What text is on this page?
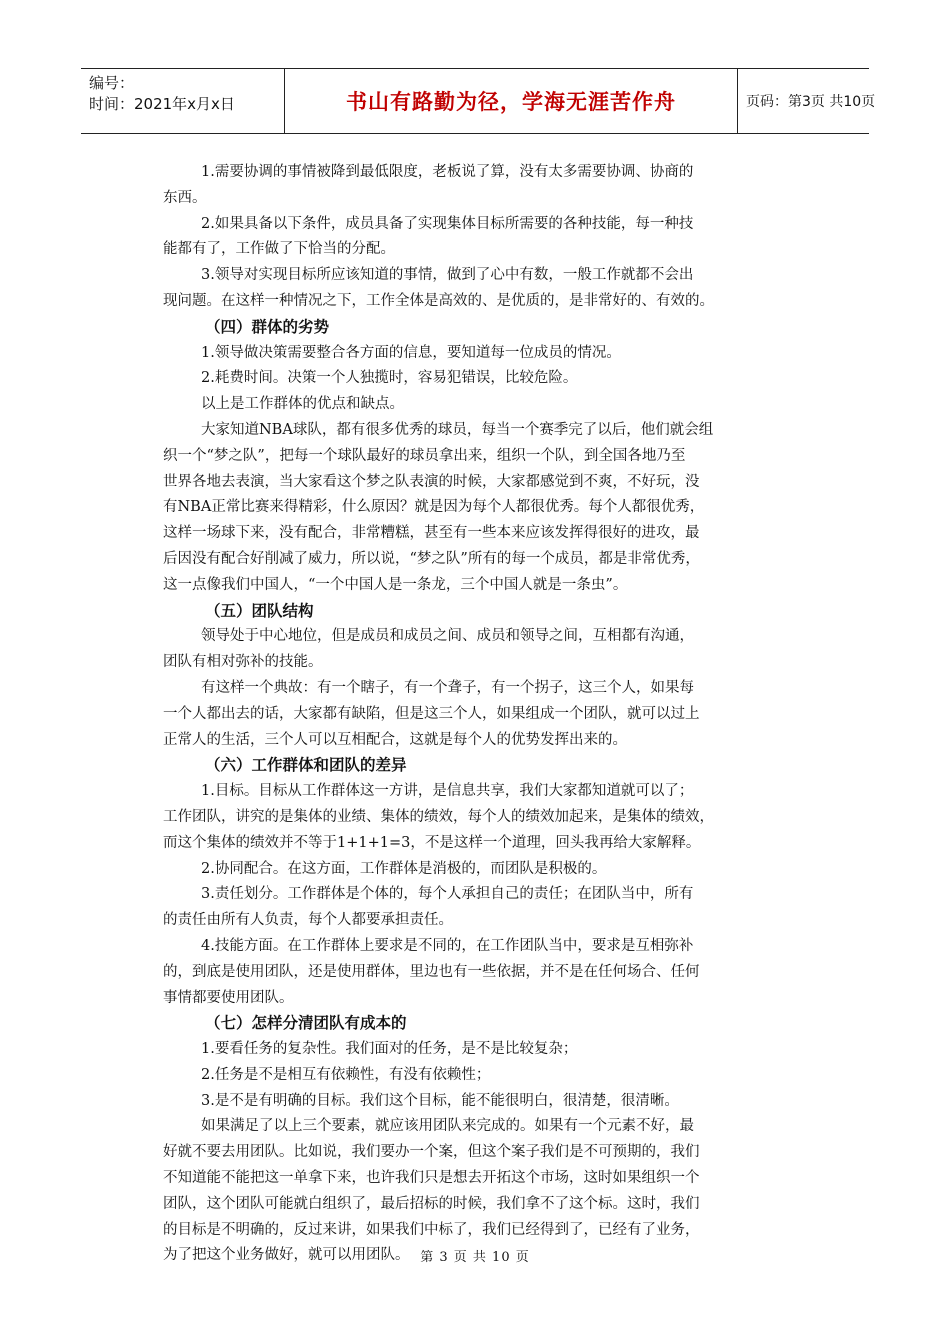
编号：
时间：2021年x月x日	书山有路勤为径，学海无涯苦作舟	页码：第3页 共10页
1.需要协调的事情被降到最低限度，老板说了算，没有太多需要协调、协商的
东西。
2.如果具备以下条件，成员具备了实现集体目标所需要的各种技能，每一种技
能都有了，工作做了下恰当的分配。
3.领导对实现目标所应该知道的事情，做到了心中有数，一般工作就都不会出
现问题。在这样一种情况之下，工作全体是高效的、是优质的，是非常好的、有效的。
（四）群体的劣势
1.领导做决策需要整合各方面的信息，要知道每一位成员的情况。
2.耗费时间。决策一个人独揽时，容易犯错误，比较危险。
以上是工作群体的优点和缺点。
大家知道NBA球队，都有很多优秀的球员，每当一个赛季完了以后，他们就会组
织一个“梦之队”，把每一个球队最好的球员拿出来，组织一个队，到全国各地乃至
世界各地去表演，当大家看这个梦之队表演的时候，大家都感觉到不爽，不好玩，没
有NBA正常比赛来得精彩，什么原因？就是因为每个人都很优秀。每个人都很优秀，
这样一场球下来，没有配合，非常糟糕，甚至有一些本来应该发挥得很好的进攻，最
后因没有配合好削减了威力，所以说，“梦之队”所有的每一个成员，都是非常优秀，
这一点像我们中国人，“一个中国人是一条龙，三个中国人就是一条虫”。
（五）团队结构
领导处于中心地位，但是成员和成员之间、成员和领导之间，互相都有沟通，
团队有相对弥补的技能。
有这样一个典故：有一个瞎子，有一个聋子，有一个拐子，这三个人，如果每
一个人都出去的话，大家都有缺陷，但是这三个人，如果组成一个团队，就可以过上
正常人的生活，三个人可以互相配合，这就是每个人的优势发挥出来的。
（六）工作群体和团队的差异
1.目标。目标从工作群体这一方讲，是信息共享，我们大家都知道就可以了；
工作团队，讲究的是集体的业绩、集体的绩效，每个人的绩效加起来，是集体的绩效，
而这个集体的绩效并不等于1+1+1=3，不是这样一个道理，回头我再给大家解释。
2.协同配合。在这方面，工作群体是消极的，而团队是积极的。
3.责任划分。工作群体是个体的，每个人承担自己的责任；在团队当中，所有
的责任由所有人负责，每个人都要承担责任。
4.技能方面。在工作群体上要求是不同的，在工作团队当中，要求是互相弥补
的，到底是使用团队，还是使用群体，里边也有一些依据，并不是在任何场合、任何
事情都要使用团队。
（七）怎样分清团队有成本的
1.要看任务的复杂性。我们面对的任务，是不是比较复杂；
2.任务是不是相互有依赖性，有没有依赖性；
3.是不是有明确的目标。我们这个目标，能不能很明白，很清楚，很清晰。
如果满足了以上三个要素，就应该用团队来完成的。如果有一个元素不好，最
好就不要去用团队。比如说，我们要办一个案，但这个案子我们是不可预期的，我们
不知道能不能把这一单拿下来，也许我们只是想去开拓这个市场，这时如果组织一个
团队，这个团队可能就白组织了，最后招标的时候，我们拿不了这个标。这时，我们
的目标是不明确的，反过来讲，如果我们中标了，我们已经得到了，已经有了业务，
为了把这个业务做好，就可以用团队。 第 3 页 共 10 页
